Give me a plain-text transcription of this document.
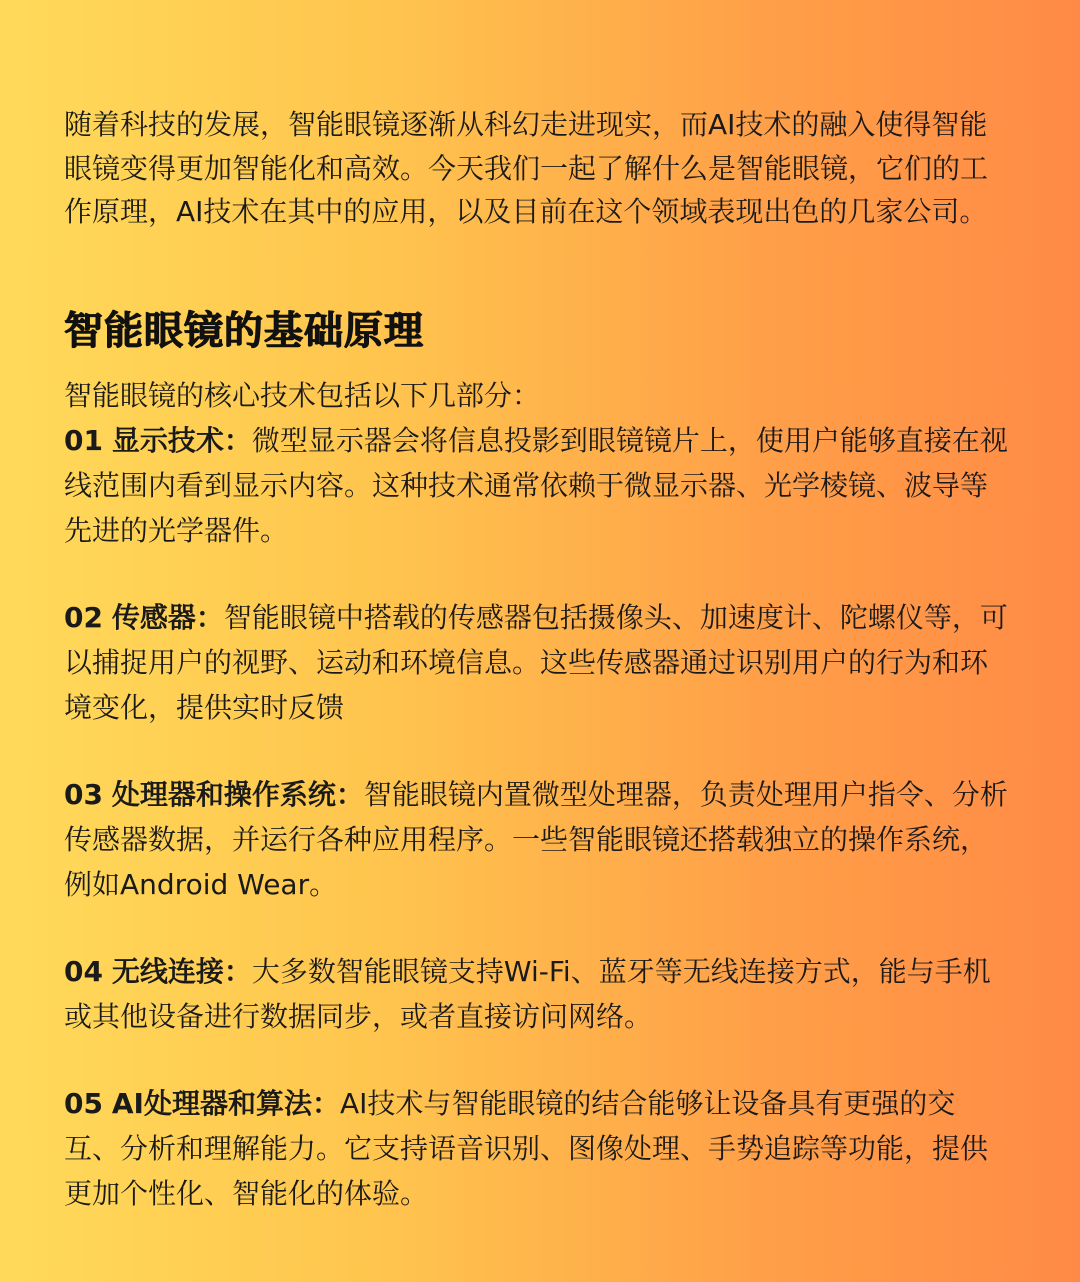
随着科技的发展，智能眼镜逐渐从科幻走进现实，而AI技术的融入使得智能眼镜变得更加智能化和高效。今天我们一起了解什么是智能眼镜，它们的工作原理，AI技术在其中的应用，以及目前在这个领域表现出色的几家公司。

智能眼镜的基础原理

智能眼镜的核心技术包括以下几部分：

01 显示技术：微型显示器会将信息投影到眼镜镜片上，使用户能够直接在视线范围内看到显示内容。这种技术通常依赖于微显示器、光学棱镜、波导等先进的光学器件。
02 传感器：智能眼镜中搭载的传感器包括摄像头、加速度计、陀螺仪等，可以捕捉用户的视野、运动和环境信息。这些传感器通过识别用户的行为和环境变化，提供实时反馈
03 处理器和操作系统：智能眼镜内置微型处理器，负责处理用户指令、分析传感器数据，并运行各种应用程序。一些智能眼镜还搭载独立的操作系统，例如Android Wear。
04 无线连接：大多数智能眼镜支持Wi-Fi、蓝牙等无线连接方式，能与手机或其他设备进行数据同步，或者直接访问网络。
05 AI处理器和算法：AI技术与智能眼镜的结合能够让设备具有更强的交互、分析和理解能力。它支持语音识别、图像处理、手势追踪等功能，提供更加个性化、智能化的体验。
